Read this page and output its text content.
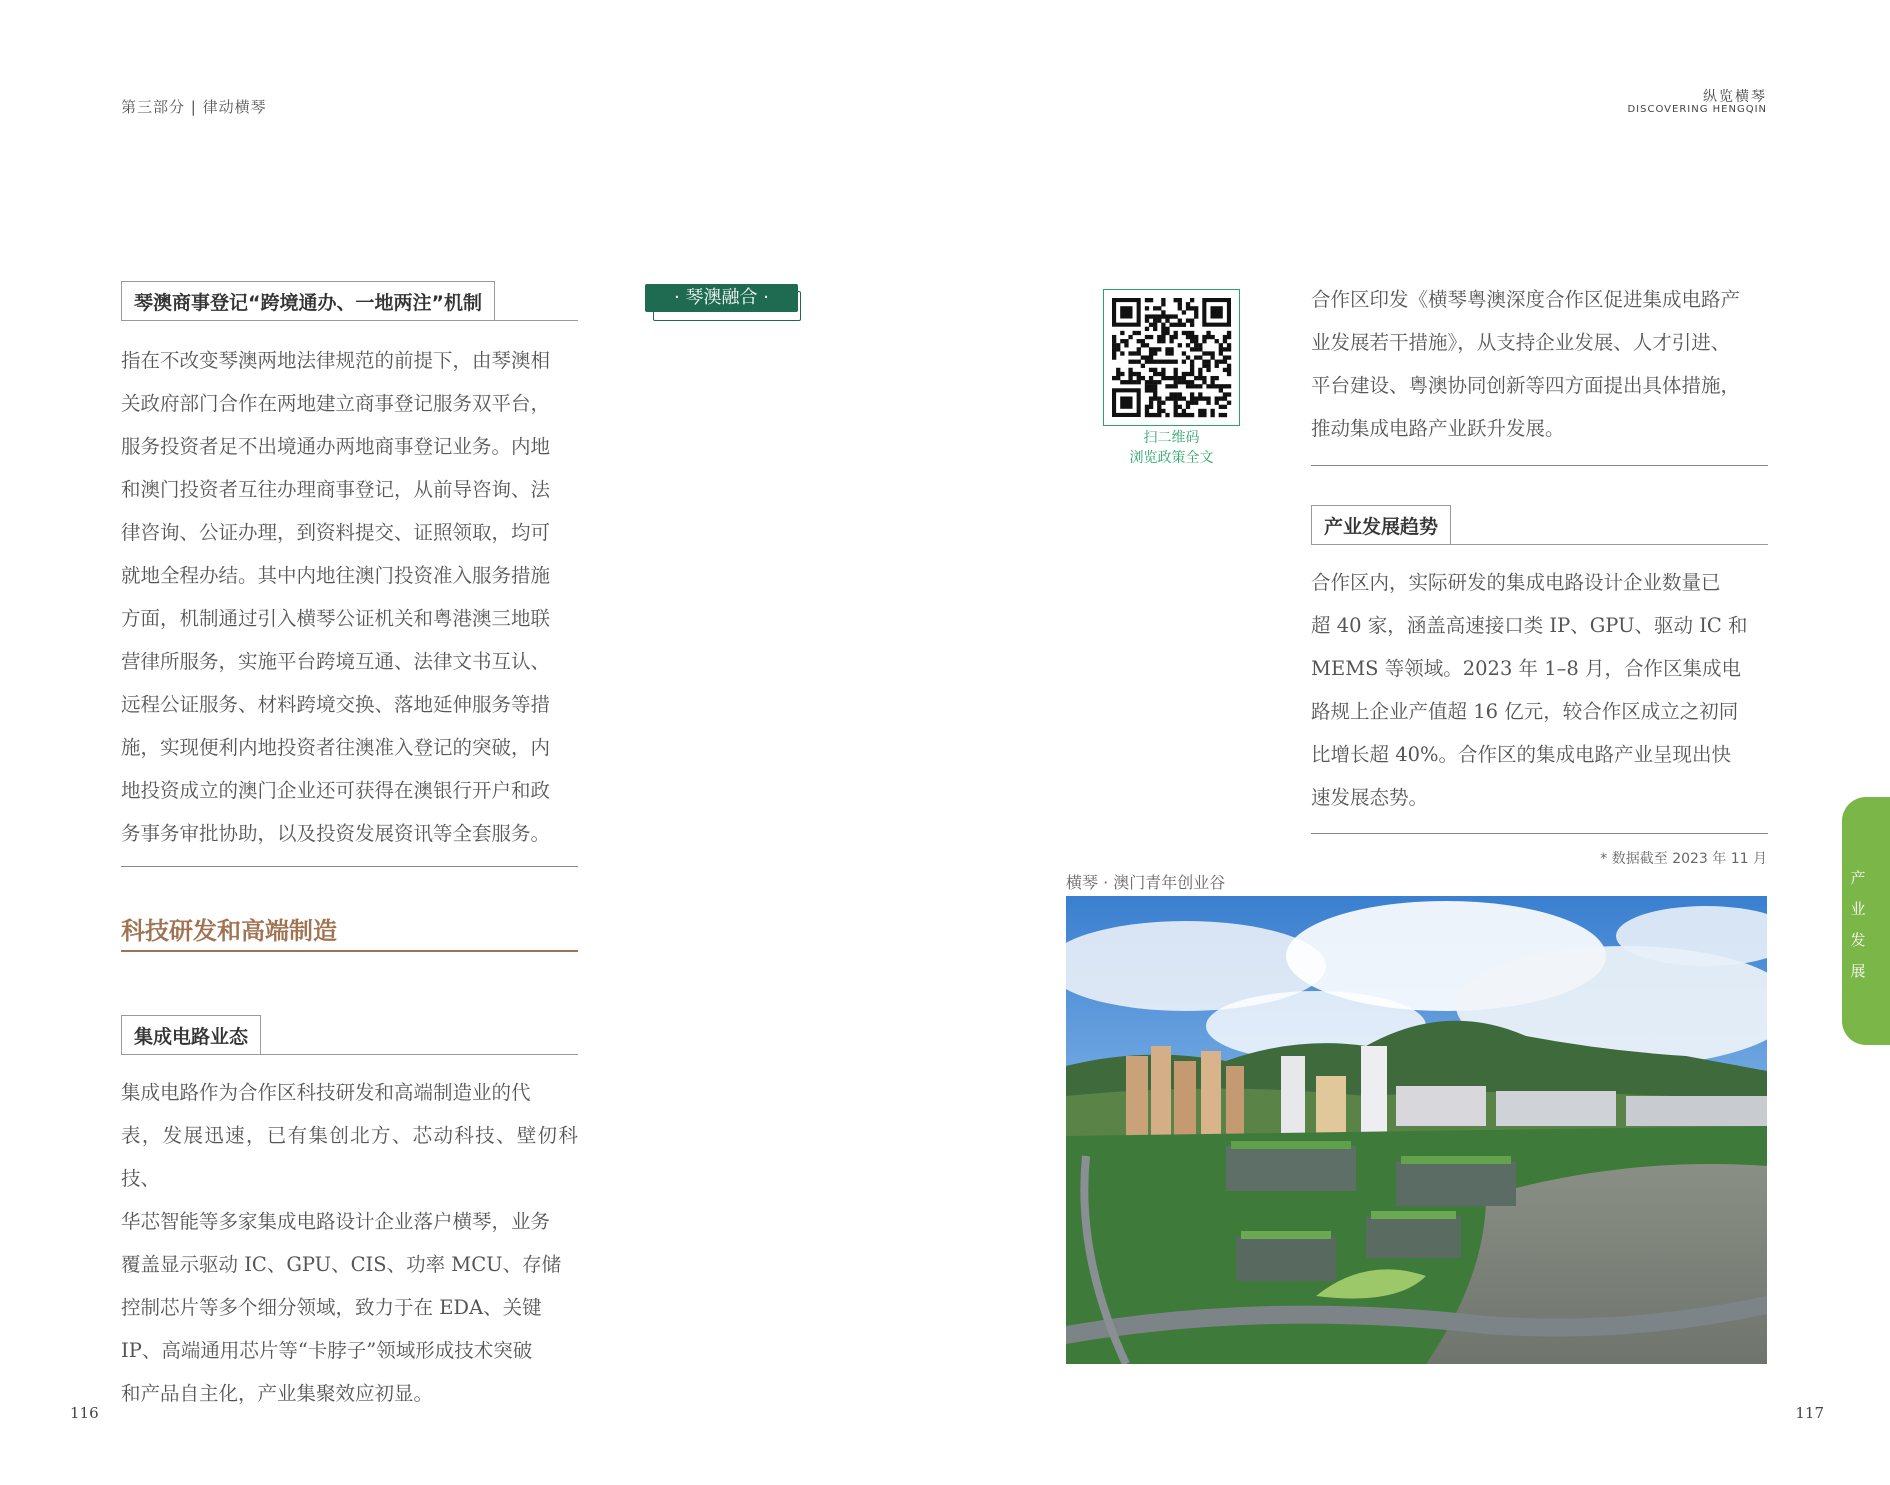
第三部分 | 律动横琴
纵览横琴
DISCOVERING HENGQIN
琴澳商事登记“跨境通办、一地两注”机制
指在不改变琴澳两地法律规范的前提下，由琴澳相
关政府部门合作在两地建立商事登记服务双平台，
服务投资者足不出境通办两地商事登记业务。内地
和澳门投资者互往办理商事登记，从前导咨询、法
律咨询、公证办理，到资料提交、证照领取，均可
就地全程办结。其中内地往澳门投资准入服务措施
方面，机制通过引入横琴公证机关和粤港澳三地联
营律所服务，实施平台跨境互通、法律文书互认、
远程公证服务、材料跨境交换、落地延伸服务等措
施，实现便利内地投资者往澳准入登记的突破，内
地投资成立的澳门企业还可获得在澳银行开户和政
务事务审批协助，以及投资发展资讯等全套服务。
科技研发和高端制造
集成电路业态
集成电路作为合作区科技研发和高端制造业的代
表，发展迅速，已有集创北方、芯动科技、壁仞科技、
华芯智能等多家集成电路设计企业落户横琴，业务
覆盖显示驱动 IC、GPU、CIS、功率 MCU、存储
控制芯片等多个细分领域，致力于在 EDA、关键
IP、高端通用芯片等“卡脖子”领域形成技术突破
和产品自主化，产业集聚效应初显。
· 琴澳融合 ·
扫二维码
浏览政策全文
合作区印发《横琴粤澳深度合作区促进集成电路产
业发展若干措施》，从支持企业发展、人才引进、
平台建设、粤澳协同创新等四方面提出具体措施，
推动集成电路产业跃升发展。
产业发展趋势
合作区内，实际研发的集成电路设计企业数量已
超 40 家，涵盖高速接口类 IP、GPU、驱动 IC 和
MEMS 等领域。2023 年 1–8 月，合作区集成电
路规上企业产值超 16 亿元，较合作区成立之初同
比增长超 40%。合作区的集成电路产业呈现出快
速发展态势。
* 数据截至 2023 年 11 月
横琴 · 澳门青年创业谷	产
业
发
展
116	117
